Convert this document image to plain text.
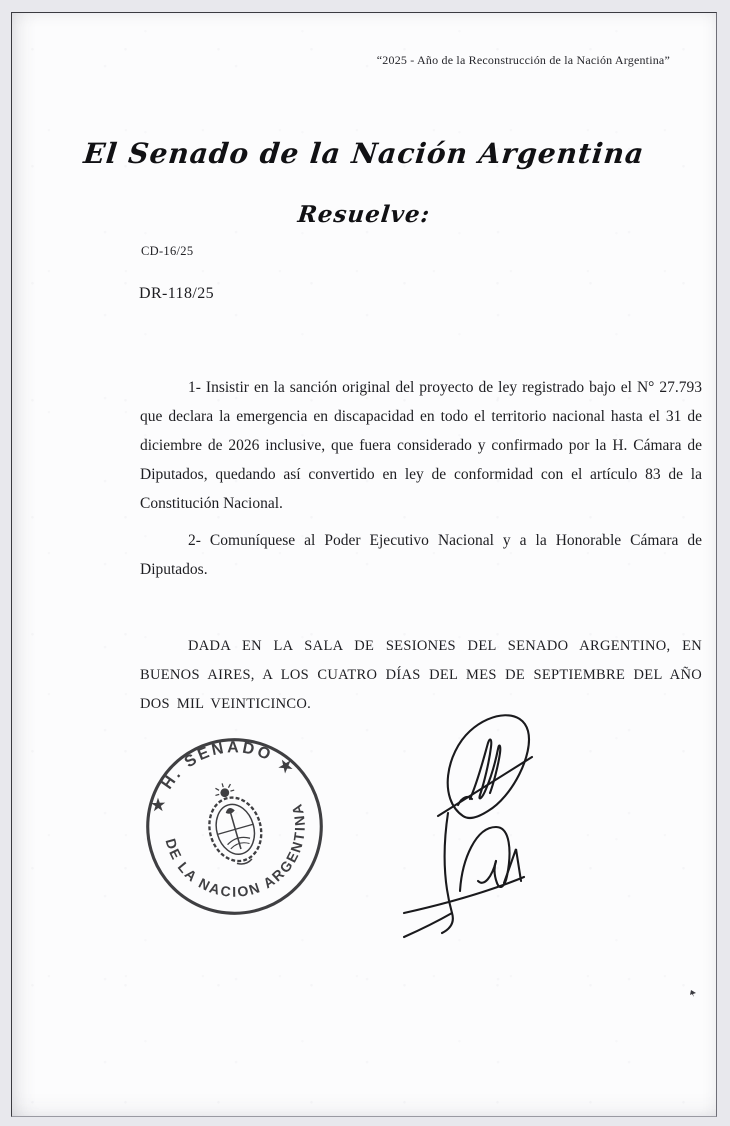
“2025 - Año de la Reconstrucción de la Nación Argentina”
El Senado de la Nación Argentina
Resuelve:
CD-16/25
DR-118/25

1- Insistir en la sanción original del proyecto de ley registrado bajo el N° 27.793 que declara la emergencia en discapacidad en todo el territorio nacional hasta el 31 de diciembre de 2026 inclusive, que fuera considerado y confirmado por la H. Cámara de Diputados, quedando así convertido en ley de conformidad con el artículo 83 de la Constitución Nacional.

2- Comuníquese al Poder Ejecutivo Nacional y a la Honorable Cámara de Diputados.

DADA EN LA SALA DE SESIONES DEL SENADO ARGENTINO, EN BUENOS AIRES, A LOS CUATRO DÍAS DEL MES DE SEPTIEMBRE DEL AÑO DOS MIL VEINTICINCO.

★ H. SENADO ★
DE LA NACION ARGENTINA
